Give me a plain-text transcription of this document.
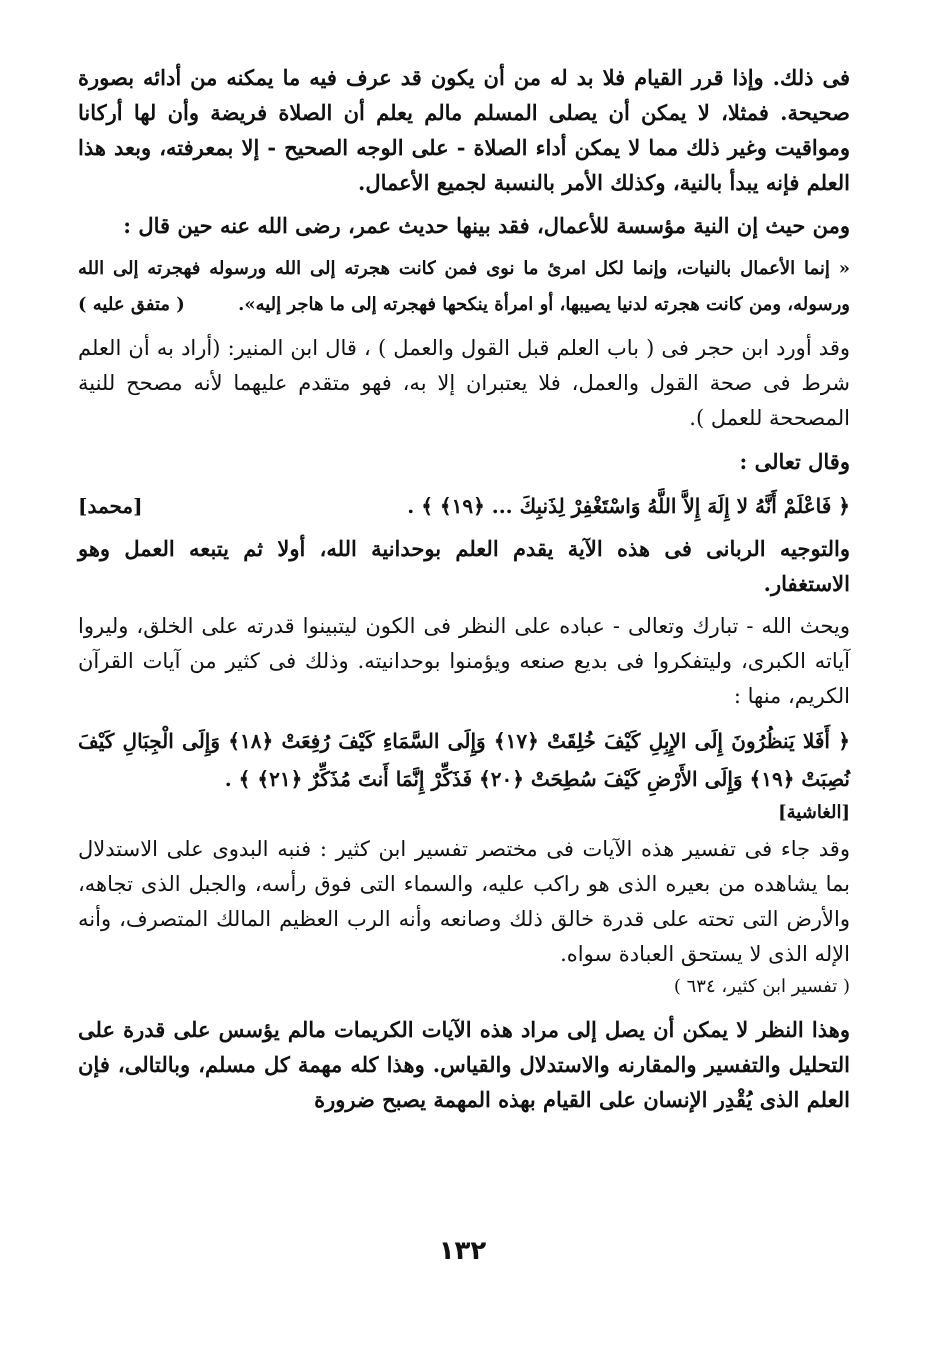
فى ذلك. وإذا قرر القيام فلا بد له من أن يكون قد عرف فيه ما يمكنه من أدائه بصورة صحيحة. فمثلا، لا يمكن أن يصلى المسلم مالم يعلم أن الصلاة فريضة وأن لها أركانا ومواقيت وغير ذلك مما لا يمكن أداء الصلاة - على الوجه الصحيح - إلا بمعرفته، وبعد هذا العلم فإنه يبدأ بالنية، وكذلك الأمر بالنسبة لجميع الأعمال.

ومن حيث إن النية مؤسسة للأعمال، فقد بينها حديث عمر، رضى الله عنه حين قال :

« إنما الأعمال بالنيات، وإنما لكل امرئ ما نوى فمن كانت هجرته إلى الله ورسوله فهجرته إلى الله ورسوله، ومن كانت هجرته لدنيا يصيبها، أو امرأة ينكحها فهجرته إلى ما هاجر إليه».
( متفق عليه )

وقد أورد ابن حجر فى ( باب العلم قبل القول والعمل ) ، قال ابن المنير: (أراد به أن العلم شرط فى صحة القول والعمل، فلا يعتبران إلا به، فهو متقدم عليهما لأنه مصحح للنية المصححة للعمل ).

وقال تعالى :

﴿ فَاعْلَمْ أَنَّهُ لا إِلَهَ إِلاَّ اللَّهُ وَاسْتَغْفِرْ لِذَنبِكَ ... ﴿١٩﴾ ﴾ .
[محمد]

والتوجيه الربانى فى هذه الآية يقدم العلم بوحدانية الله، أولا ثم يتبعه العمل وهو الاستغفار.

ويحث الله - تبارك وتعالى - عباده على النظر فى الكون ليتبينوا قدرته على الخلق، وليروا آياته الكبرى، وليتفكروا فى بديع صنعه ويؤمنوا بوحدانيته. وذلك فى كثير من آيات القرآن الكريم، منها :

﴿ أَفَلا يَنظُرُونَ إِلَى الإِبِلِ كَيْفَ خُلِقَتْ ﴿١٧﴾ وَإِلَى السَّمَاءِ كَيْفَ رُفِعَتْ ﴿١٨﴾ وَإِلَى الْجِبَالِ كَيْفَ نُصِبَتْ ﴿١٩﴾ وَإِلَى الأَرْضِ كَيْفَ سُطِحَتْ ﴿٢٠﴾ فَذَكِّرْ إِنَّمَا أَنتَ مُذَكِّرٌ ﴿٢١﴾ ﴾ .
[الغاشية]

وقد جاء فى تفسير هذه الآيات فى مختصر تفسير ابن كثير : فنبه البدوى على الاستدلال بما يشاهده من بعيره الذى هو راكب عليه، والسماء التى فوق رأسه، والجبل الذى تجاهه، والأرض التى تحته على قدرة خالق ذلك وصانعه وأنه الرب العظيم المالك المتصرف، وأنه الإله الذى لا يستحق العبادة سواه.

( تفسير ابن كثير، ٦٣٤ )

وهذا النظر لا يمكن أن يصل إلى مراد هذه الآيات الكريمات مالم يؤسس على قدرة على التحليل والتفسير والمقارنه والاستدلال والقياس. وهذا كله مهمة كل مسلم، وبالتالى، فإن العلم الذى يُقْدِر الإنسان على القيام بهذه المهمة يصبح ضرورة

١٣٢
